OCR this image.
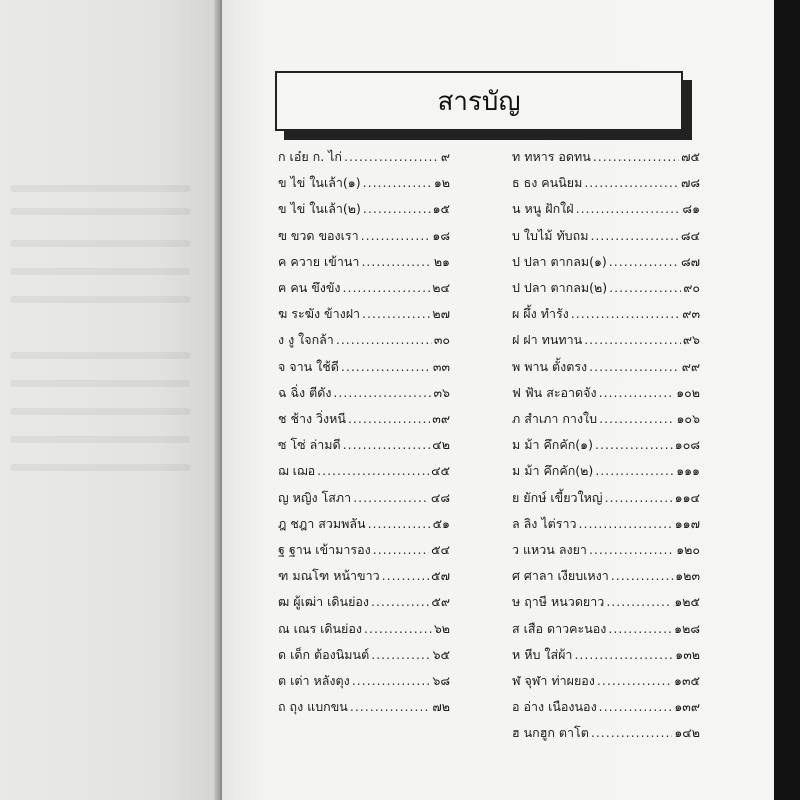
สารบัญ
ก เอ๋ย ก. ไก่ .....	๙
ข ไข่ ในเล้า(๑) .....	๑๒
ข ไข่ ในเล้า(๒) .....	๑๕
ฃ ขวด ของเรา .....	๑๘
ค ควาย เข้านา .....	๒๑
ฅ คน ขึงขัง .....	๒๔
ฆ ระฆัง ข้างฝา .....	๒๗
ง งู ใจกล้า .....	๓๐
จ จาน ใช้ดี .....	๓๓
ฉ ฉิ่ง ตีดัง .....	๓๖
ช ช้าง วิ่งหนี .....	๓๙
ซ โซ่ ล่ามดี .....	๔๒
ฌ เฌอ .....	๔๕
ญ หญิง โสภา .....	๔๘
ฎ ชฎา สวมพลัน .....	๕๑
ฐ ฐาน เข้ามารอง .....	๕๔
ฑ มณโฑ หน้าขาว .....	๕๗
ฒ ผู้เฒ่า เดินย่อง .....	๕๙
ณ เณร เดินย่อง .....	๖๒
ด เด็ก ต้องนิมนต์ .....	๖๕
ต เต่า หลังตุง .....	๖๘
ถ ถุง แบกขน .....	๗๒
ท ทหาร อดทน .....	๗๕
ธ ธง คนนิยม .....	๗๘
น หนู ฝักใฝ่ .....	๘๑
บ ใบไม้ ทับถม .....	๘๔
ป ปลา ตากลม(๑) .....	๘๗
ป ปลา ตากลม(๒) .....	๙๐
ผ ผึ้ง ทำรัง .....	๙๓
ฝ ฝา ทนทาน .....	๙๖
พ พาน ตั้งตรง .....	๙๙
ฟ ฟัน สะอาดจัง .....	๑๐๒
ภ สำเภา กางใบ .....	๑๐๖
ม ม้า คึกคัก(๑) .....	๑๐๘
ม ม้า คึกคัก(๒) .....	๑๑๑
ย ยักษ์ เขี้ยวใหญ่ .....	๑๑๔
ล ลิง ไต่ราว .....	๑๑๗
ว แหวน ลงยา .....	๑๒๐
ศ ศาลา เงียบเหงา .....	๑๒๓
ษ ฤาษี หนวดยาว .....	๑๒๕
ส เสือ ดาวคะนอง .....	๑๒๘
ห หีบ ใส่ผ้า .....	๑๓๒
ฬ จุฬา ท่าผยอง .....	๑๓๕
อ อ่าง เนืองนอง .....	๑๓๙
ฮ นกฮูก ตาโต .....	๑๔๒
